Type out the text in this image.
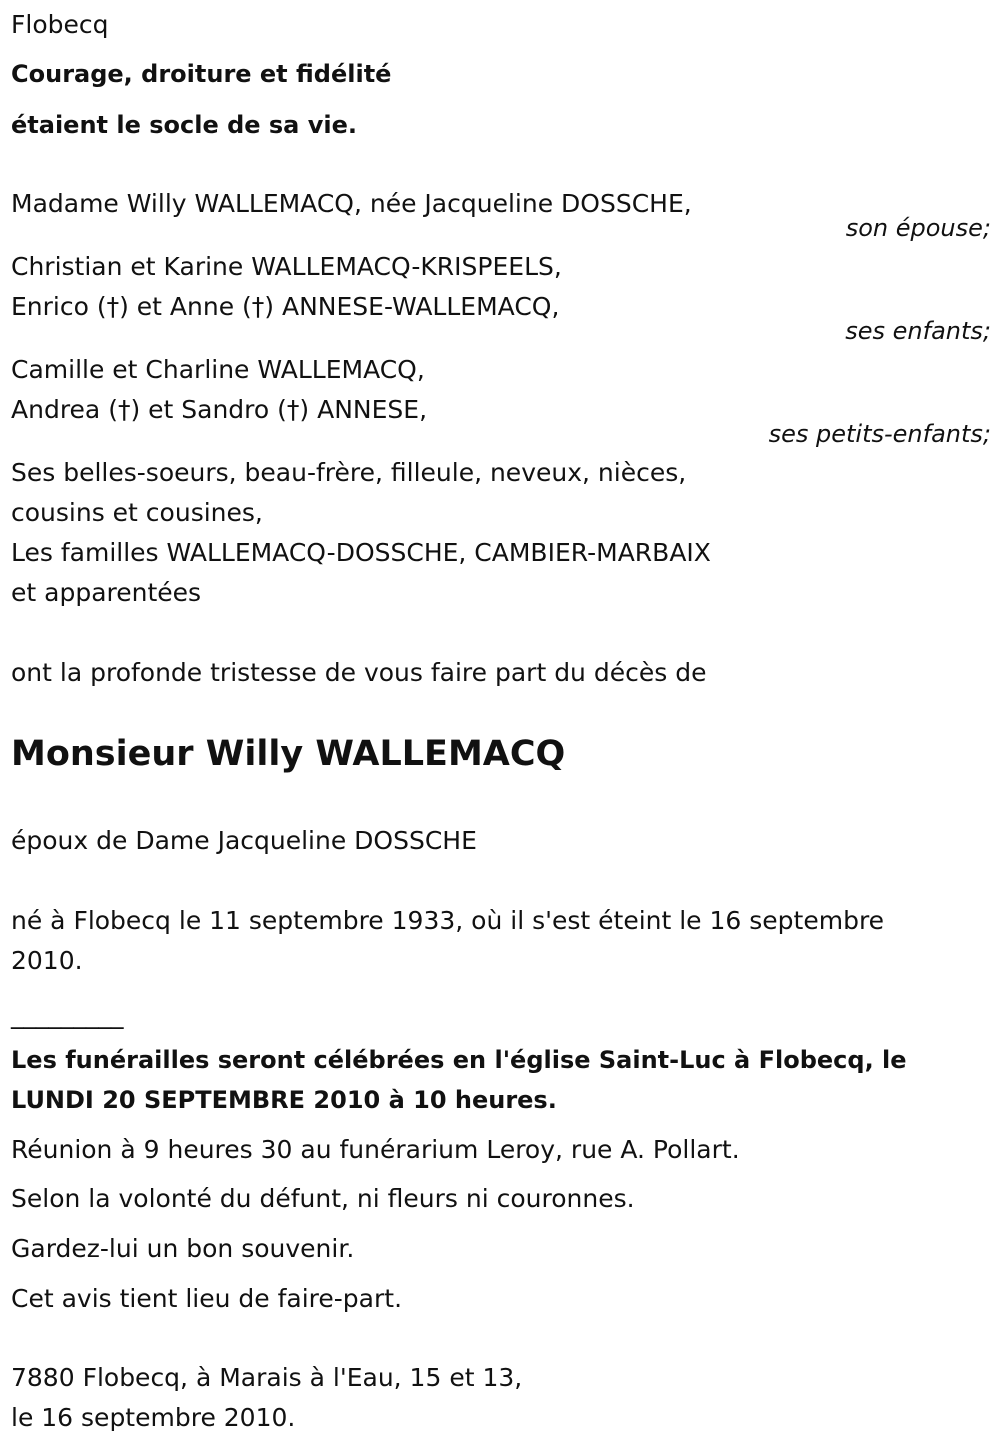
Flobecq
Courage, droiture et fidélité
étaient le socle de sa vie.
Madame Willy WALLEMACQ, née Jacqueline DOSSCHE,
son épouse;
Christian et Karine WALLEMACQ-KRISPEELS,
Enrico (†) et Anne (†) ANNESE-WALLEMACQ,
ses enfants;
Camille et Charline WALLEMACQ,
Andrea (†) et Sandro (†) ANNESE,
ses petits-enfants;
Ses belles-soeurs, beau-frère, filleule, neveux, nièces,
cousins et cousines,
Les familles WALLEMACQ-DOSSCHE, CAMBIER-MARBAIX
et apparentées
ont la profonde tristesse de vous faire part du décès de
Monsieur Willy WALLEMACQ
époux de Dame Jacqueline DOSSCHE
né à Flobecq le 11 septembre 1933, où il s'est éteint le 16 septembre
2010.
_________
Les funérailles seront célébrées en l'église Saint-Luc à Flobecq, le
LUNDI 20 SEPTEMBRE 2010 à 10 heures.
Réunion à 9 heures 30 au funérarium Leroy, rue A. Pollart.
Selon la volonté du défunt, ni fleurs ni couronnes.
Gardez-lui un bon souvenir.
Cet avis tient lieu de faire-part.
7880 Flobecq, à Marais à l'Eau, 15 et 13,
le 16 septembre 2010.
